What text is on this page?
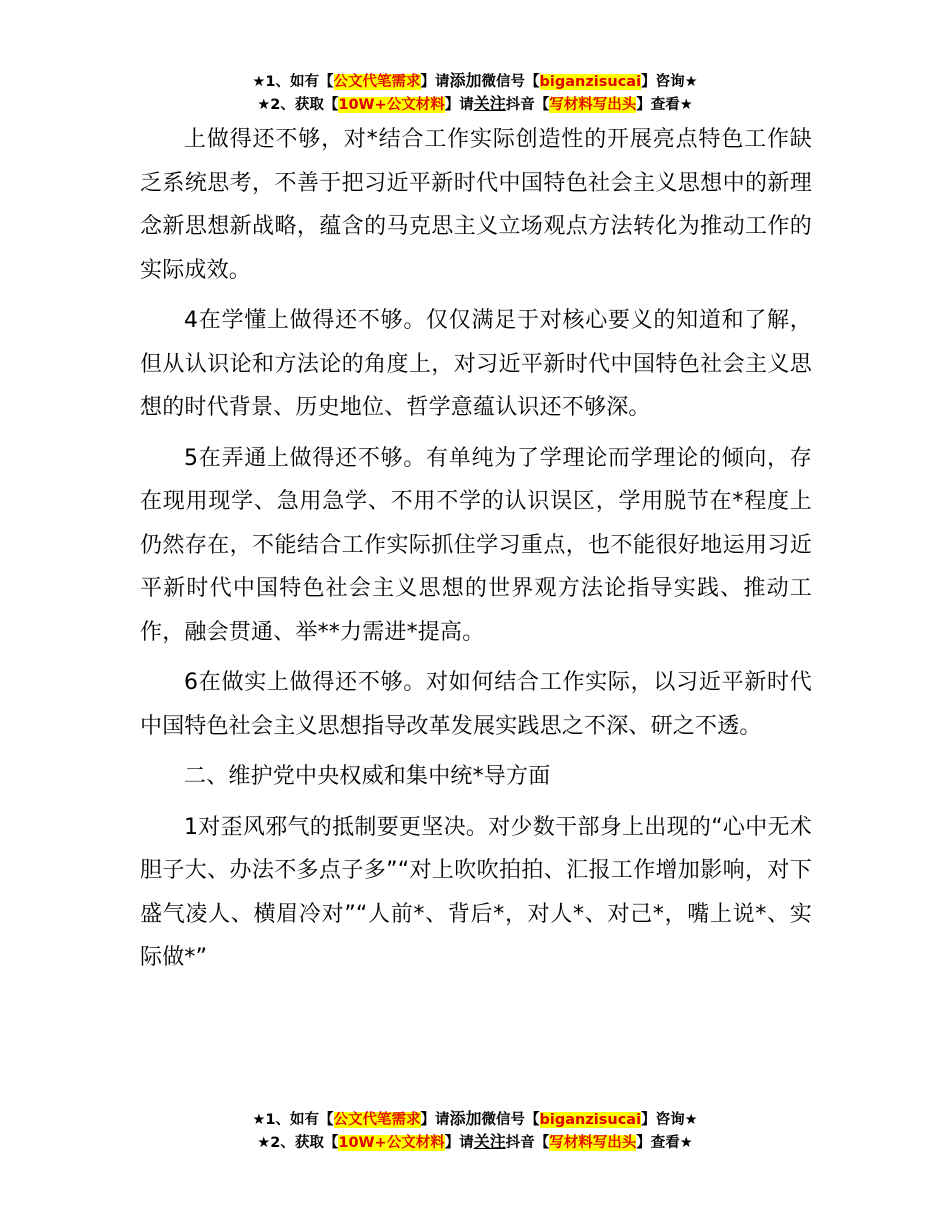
★1、如有【公文代笔需求】请添加微信号【biganzisucai】咨询★
★2、获取【10W+公文材料】请关注抖音【写材料写出头】查看★

上做得还不够，对*结合工作实际创造性的开展亮点特色工作缺乏系统思考，不善于把习近平新时代中国特色社会主义思想中的新理念新思想新战略，蕴含的马克思主义立场观点方法转化为推动工作的实际成效。

4在学懂上做得还不够。仅仅满足于对核心要义的知道和了解，但从认识论和方法论的角度上，对习近平新时代中国特色社会主义思想的时代背景、历史地位、哲学意蕴认识还不够深。

5在弄通上做得还不够。有单纯为了学理论而学理论的倾向，存在现用现学、急用急学、不用不学的认识误区，学用脱节在*程度上仍然存在，不能结合工作实际抓住学习重点，也不能很好地运用习近平新时代中国特色社会主义思想的世界观方法论指导实践、推动工作，融会贯通、举**力需进*提高。

6在做实上做得还不够。对如何结合工作实际，以习近平新时代中国特色社会主义思想指导改革发展实践思之不深、研之不透。

二、维护党中央权威和集中统*导方面

1对歪风邪气的抵制要更坚决。对少数干部身上出现的“心中无术胆子大、办法不多点子多”“对上吹吹拍拍、汇报工作增加影响，对下盛气凌人、横眉冷对”“人前*、背后*，对人*、对己*，嘴上说*、实际做*”

★1、如有【公文代笔需求】请添加微信号【biganzisucai】咨询★
★2、获取【10W+公文材料】请关注抖音【写材料写出头】查看★
